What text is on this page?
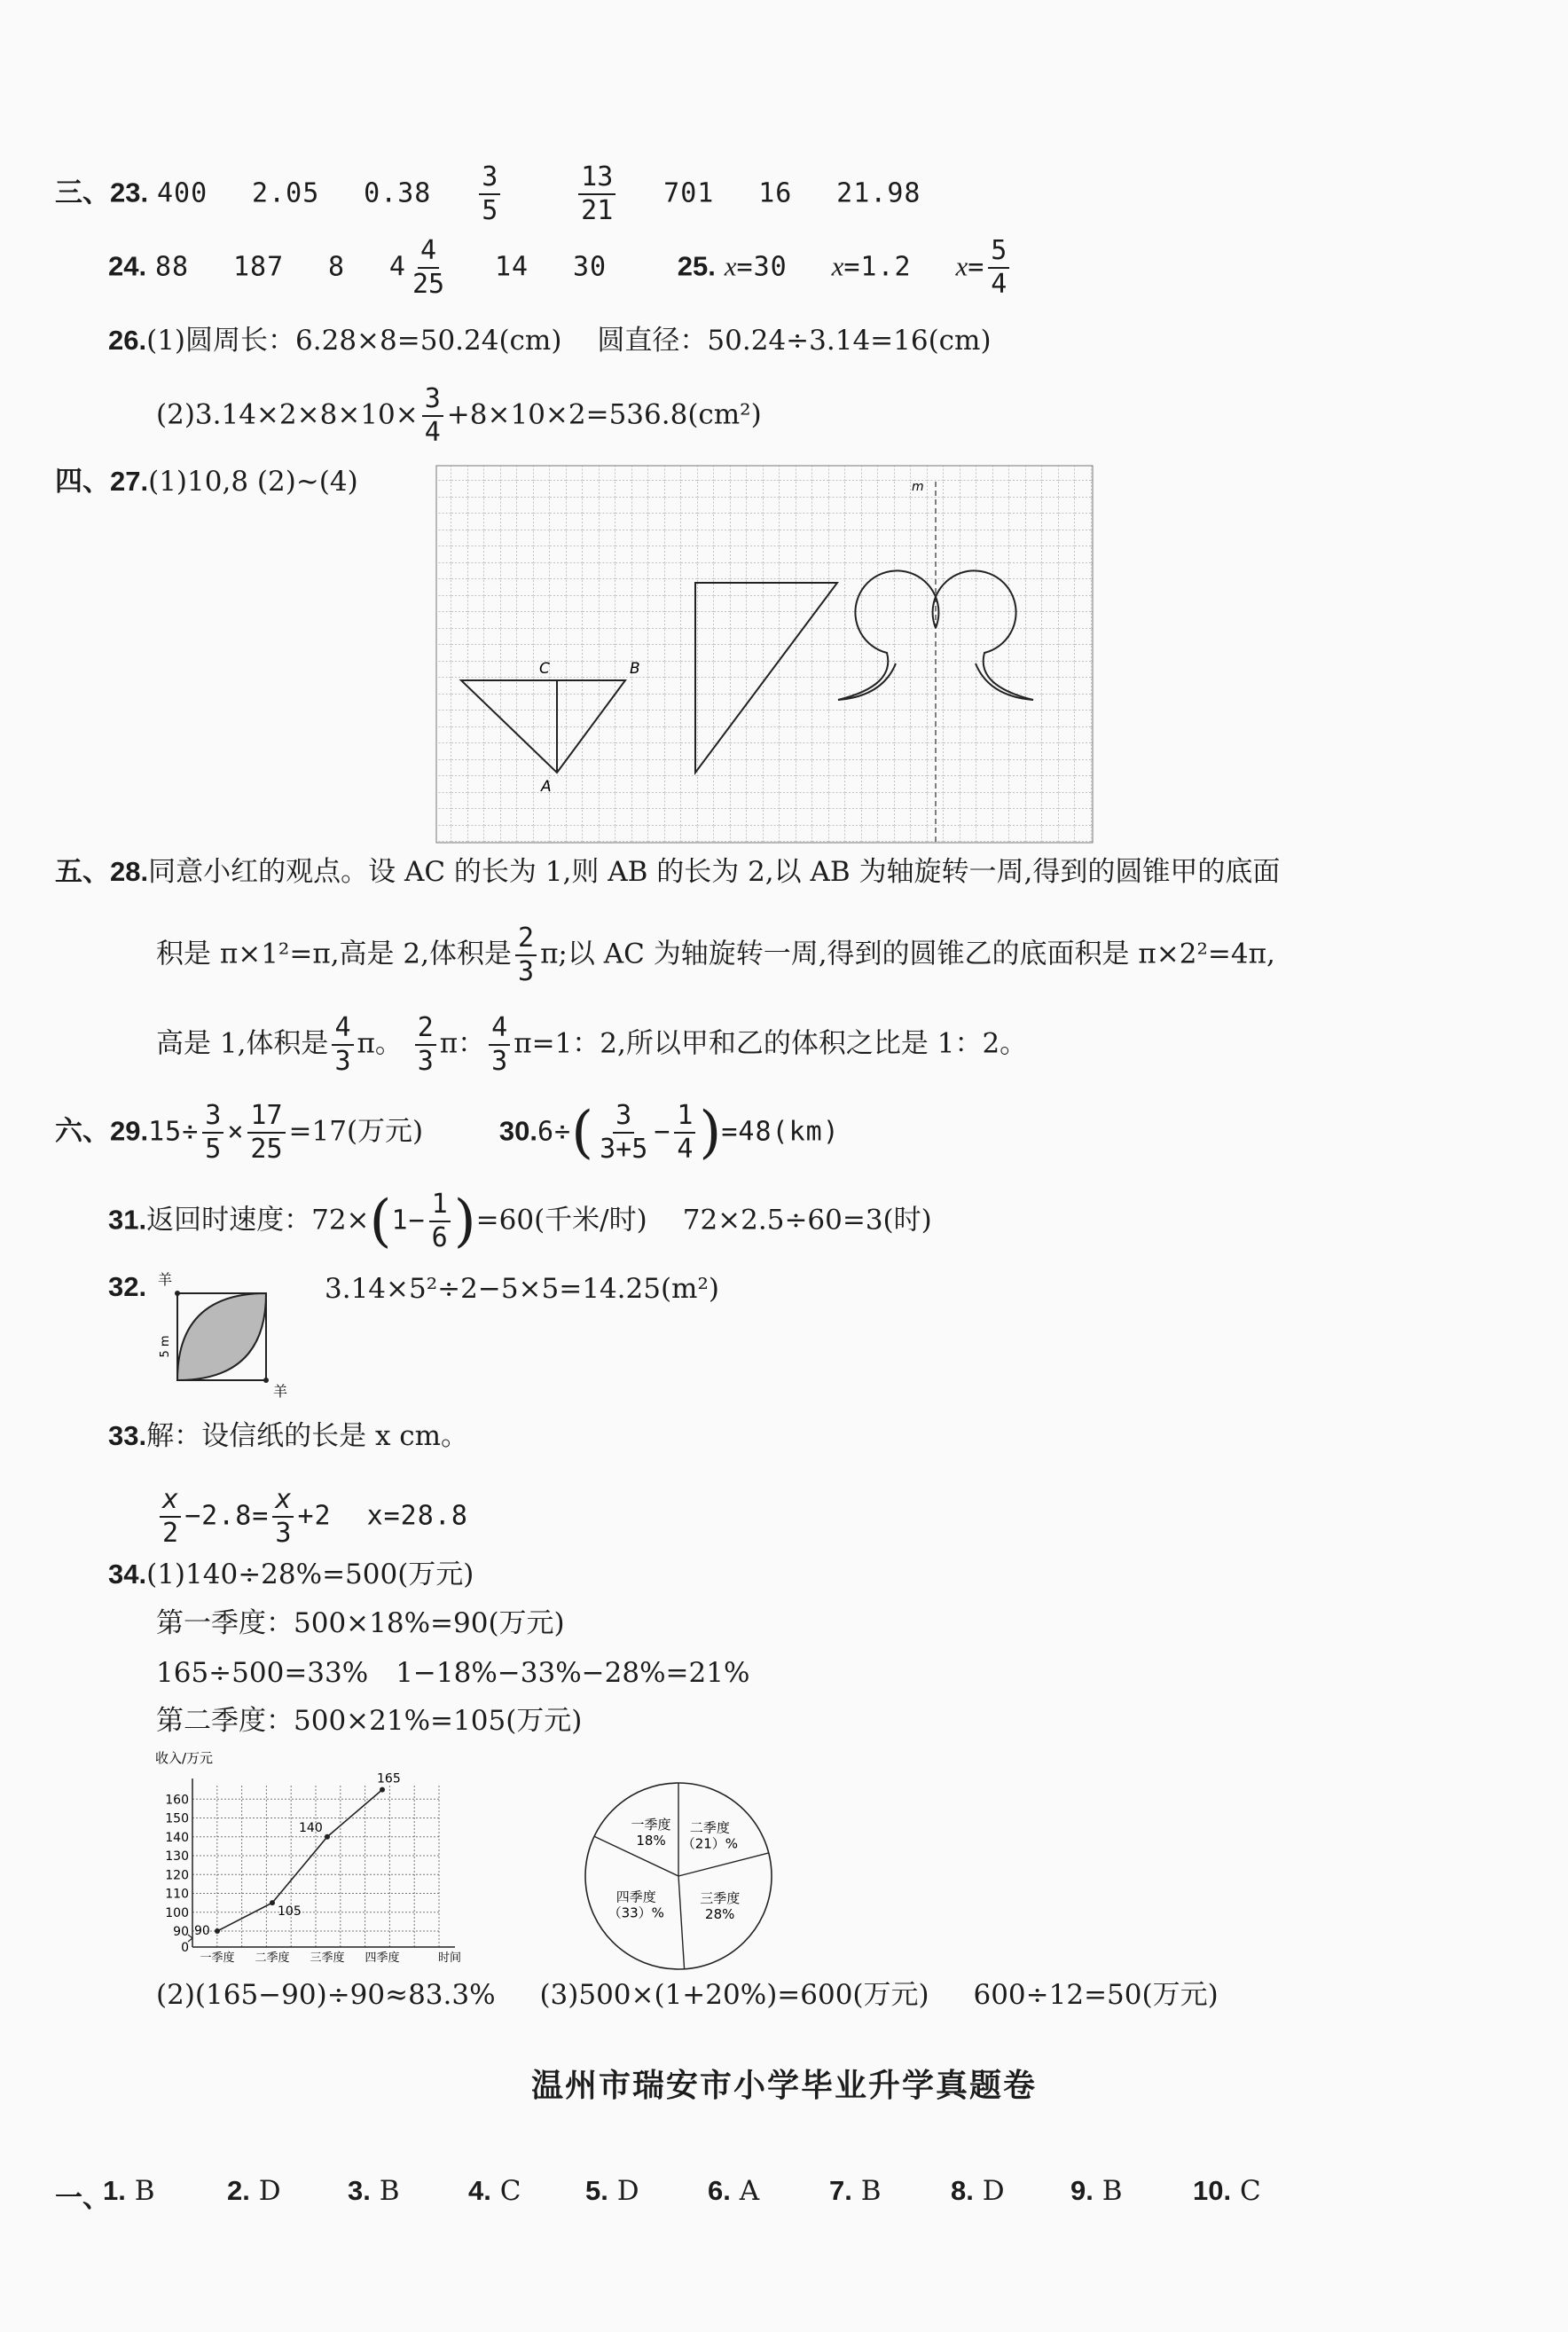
三、23. 400 2.05 $0.38 \frac{3}{5}$
	$\frac{13}{21} 701$ 16 21.98
24. 88 187 8 $4 \frac{4}{25} 14$ 30	25. x=30 x=1.2 $x= \frac{5}{4}$
26.(1)圆周长：6.28×8=50.24(cm) 圆直径：50.24÷3.14=16(cm)
$(2)3.14\times 2\times 8\times 10\times \frac{3}{4} +8\times 10\times 2=536.8(cm^2)$
四、27.(1)10,8 (2)~(4)	m
C	B
A
五、28.同意小红的观点。设 AC 的长为 1,则 AB 的长为 2,以 AB 为轴旋转一周,得到的圆锥甲的底面
积是 π×1²=π,高是 2,体积是 $\frac{2}{3} \pi$;以 AC 为轴旋转一周,得到的圆锥乙的底面积是 π×2²=4π,
高是 1,体积是 $\frac{4}{3}$ π。 $\frac{2}{3}$ π： $\frac{4}{3} \pi=1$：2,所以甲和乙的体积之比是 1：2。
六、$29.15\div \frac{3}{5} \times \frac{17}{25} =17$(万元)	$30.6\div( \frac{3}{3+5} - \frac{1}{4} )=48(km)$
31.返回时速度：$72\times(1- \frac{1}{6} )=60$(千米/时) 72×2.5÷60=3(时)
32.	3.14×5²÷2−5×5=14.25(m²)
羊
羊
5 m
33.解：设信纸的长是 x cm。
$\frac{x}{2} -2.8= \frac{x}{3} +2$ x=28.8
34.(1)140÷28%=500(万元)
第一季度：500×18%=90(万元)
165÷500=33%　1−18%−33%−28%=21%
第二季度：500×21%=105(万元)
收入/万元
0
90
100
110
120
130
140
150
160
一季度 二季度 三季度 四季度	时间
90
105
140
165
一季度
18%
二季度
（21）%
三季度
28%
四季度
（33）%
(2)(165−90)÷90≈83.3% (3)500×(1+20%)=600(万元) 600÷12=50(万元)
温州市瑞安市小学毕业升学真题卷
一、
1. B	2. D 3. B	4. C 5. D 6. A	7. B	8. D 9. B	10. C
